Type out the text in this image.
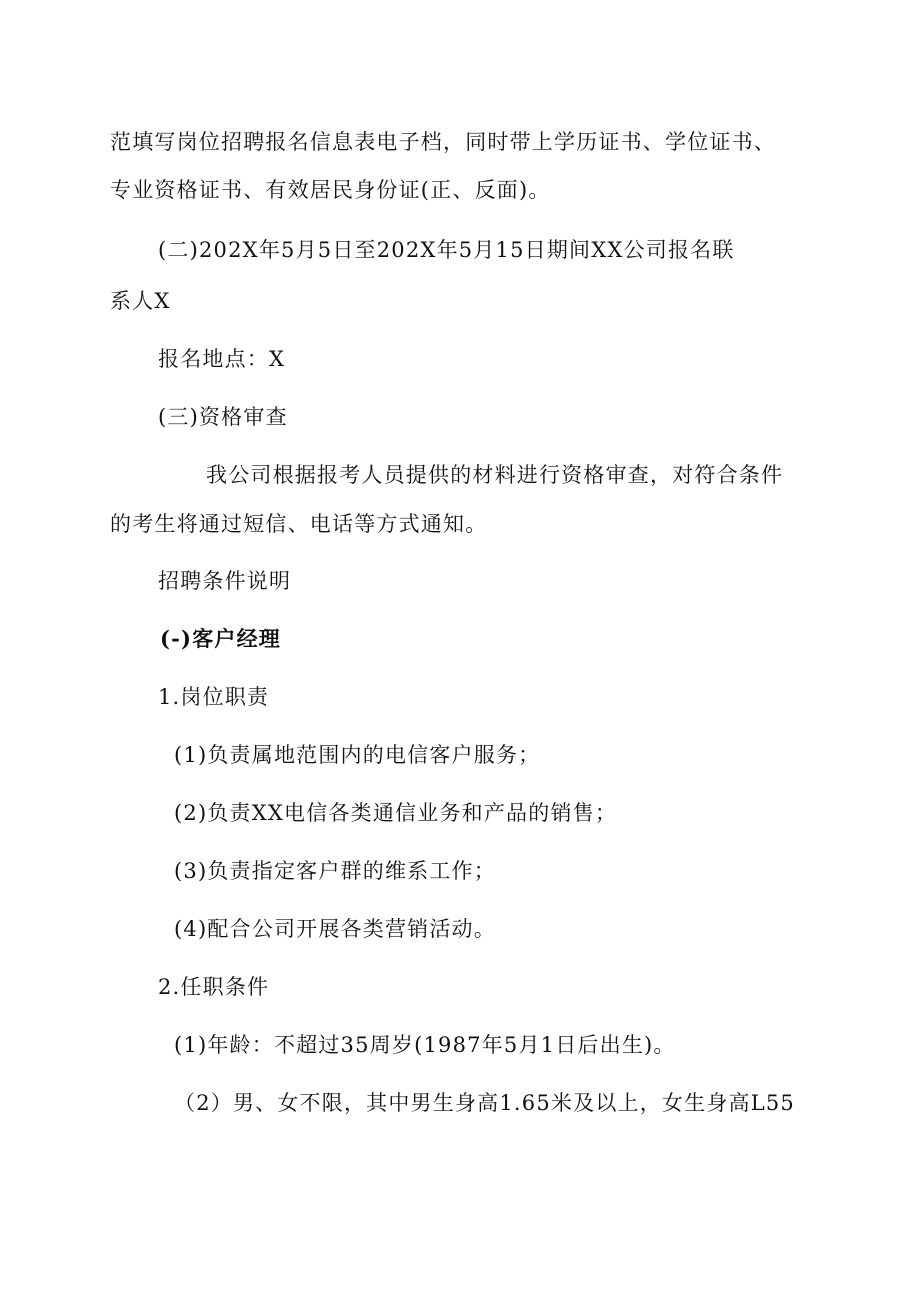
范填写岗位招聘报名信息表电子档，同时带上学历证书、学位证书、
专业资格证书、有效居民身份证(正、反面)。
(二)202X年5月5日至202X年5月15日期间XX公司报名联
系人X
报名地点：X
(三)资格审查
我公司根据报考人员提供的材料进行资格审查，对符合条件
的考生将通过短信、电话等方式通知。
招聘条件说明
(-)客户经理
1.岗位职责
(1)负责属地范围内的电信客户服务；
(2)负责XX电信各类通信业务和产品的销售；
(3)负责指定客户群的维系工作；
(4)配合公司开展各类营销活动。
2.任职条件
(1)年龄：不超过35周岁(1987年5月1日后出生)。
（2）男、女不限，其中男生身高1.65米及以上，女生身高L55
